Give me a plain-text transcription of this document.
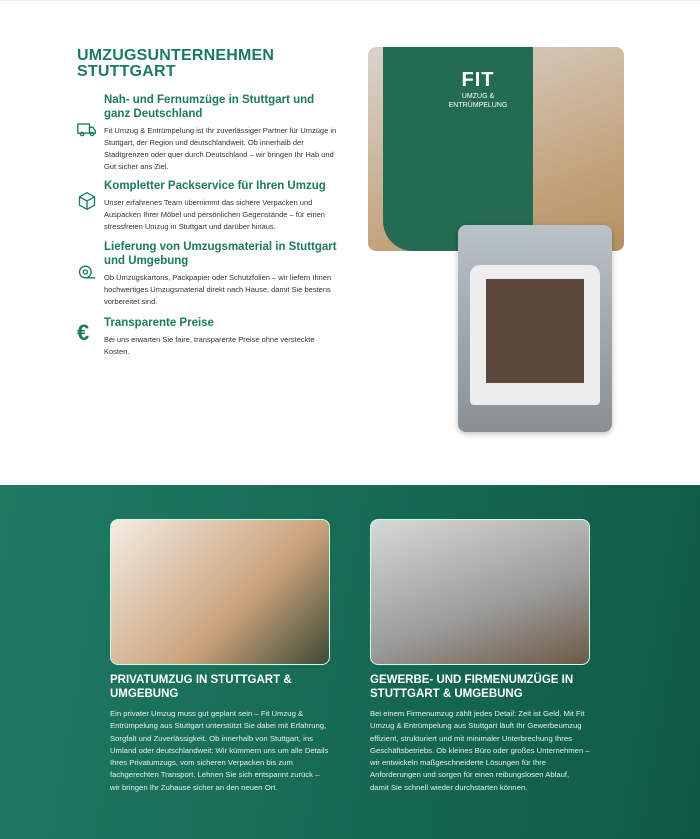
UMZUGSUNTERNEHMEN STUTTGART
Nah- und Fernumzüge in Stuttgart und ganz Deutschland

Fit Umzug & Entrümpelung ist Ihr zuverlässiger Partner für Umzüge in Stuttgart, der Region und deutschlandweit. Ob innerhalb der Stadtgrenzen oder quer durch Deutschland – wir bringen Ihr Hab und Gut sicher ans Ziel.

Kompletter Packservice für Ihren Umzug

Unser erfahrenes Team übernimmt das sichere Verpacken und Auspacken Ihrer Möbel und persönlichen Gegenstände – für einen stressfreien Umzug in Stuttgart und darüber hinaus.

Lieferung von Umzugsmaterial in Stuttgart und Umgebung

Ob Umzugskartons, Packpapier oder Schutzfolien – wir liefern Ihnen hochwertiges Umzugsmaterial direkt nach Hause, damit Sie bestens vorbereitet sind.

€	Transparente Preise

Bei uns erwarten Sie faire, transparente Preise ohne versteckte Kosten.

FIT
UMZUG & ENTRÜMPELUNG
PRIVATUMZUG IN STUTTGART & UMGEBUNG

Ein privater Umzug muss gut geplant sein – Fit Umzug & Entrümpelung aus Stuttgart unterstützt Sie dabei mit Erfahrung, Sorgfalt und Zuverlässigkeit. Ob innerhalb von Stuttgart, ins Umland oder deutschlandweit: Wir kümmern uns um alle Details Ihres Privatumzugs, vom sicheren Verpacken bis zum fachgerechten Transport. Lehnen Sie sich entspannt zurück – wir bringen Ihr Zuhause sicher an den neuen Ort.

GEWERBE- UND FIRMENUMZÜGE IN STUTTGART & UMGEBUNG

Bei einem Firmenumzug zählt jedes Detail: Zeit ist Geld. Mit Fit Umzug & Entrümpelung aus Stuttgart läuft Ihr Gewerbeumzug effizient, strukturiert und mit minimaler Unterbrechung Ihres Geschäftsbetriebs. Ob kleines Büro oder großes Unternehmen – wir entwickeln maßgeschneiderte Lösungen für Ihre Anforderungen und sorgen für einen reibungslosen Ablauf, damit Sie schnell wieder durchstarten können.
